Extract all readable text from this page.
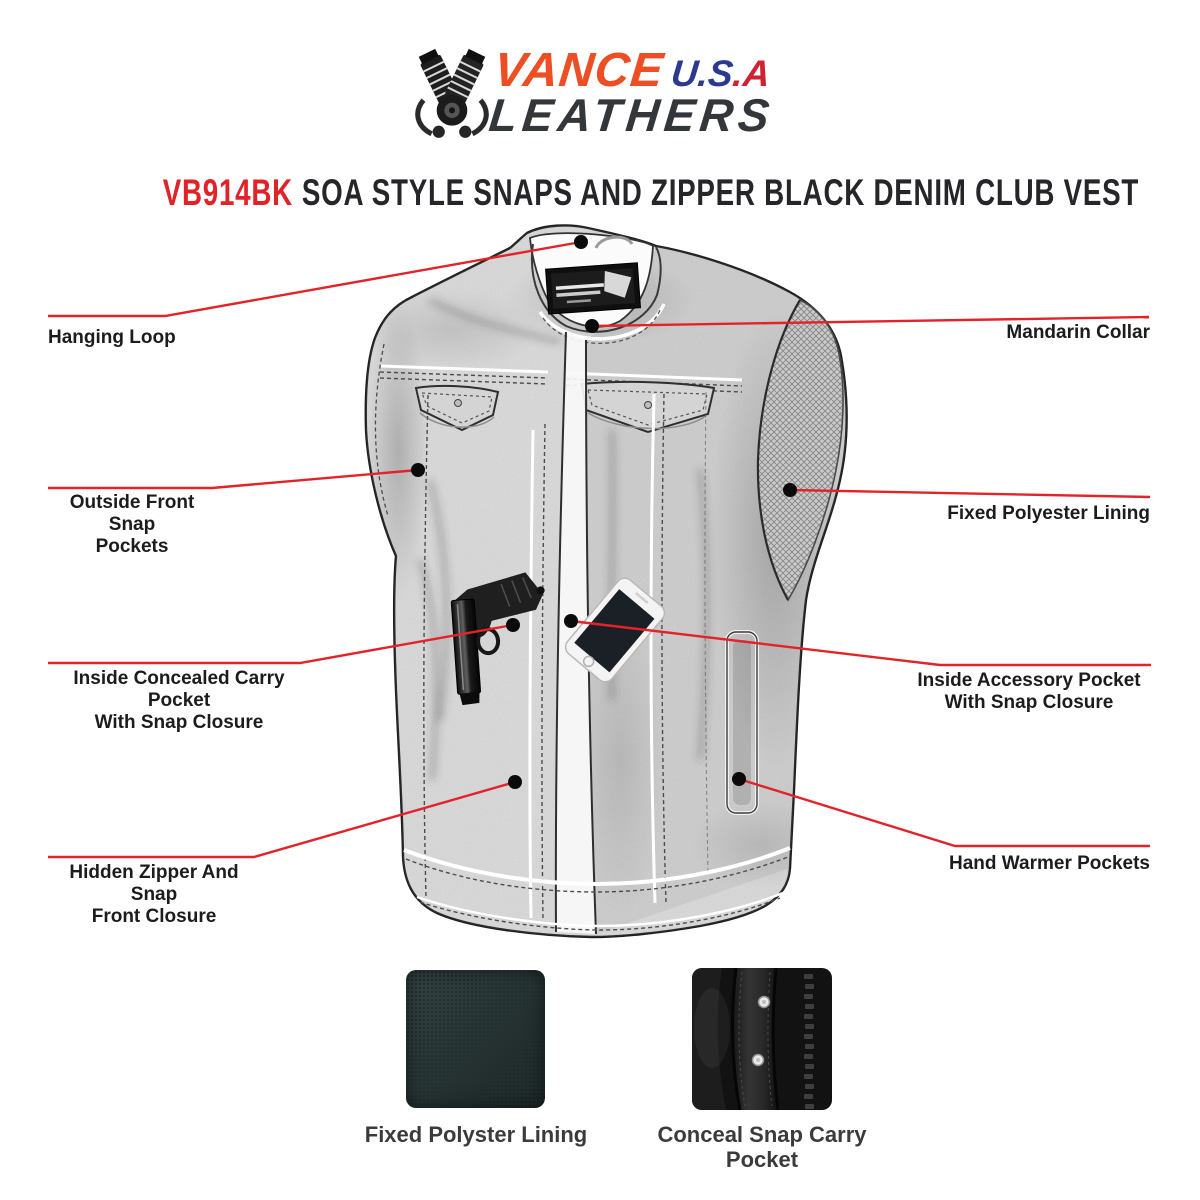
VANCEU.S.A
LEATHERS
VB914BK SOA STYLE SNAPS AND ZIPPER BLACK DENIM CLUB VEST
Hanging Loop	Mandarin Collar
Outside Front Snap
Pockets
Fixed Polyester Lining
Inside Concealed Carry Pocket
With Snap Closure
Inside Accessory Pocket
With Snap Closure
Hidden Zipper And Snap
Front Closure
Hand Warmer Pockets
Fixed Polyster Lining	Conceal Snap Carry
Pocket
